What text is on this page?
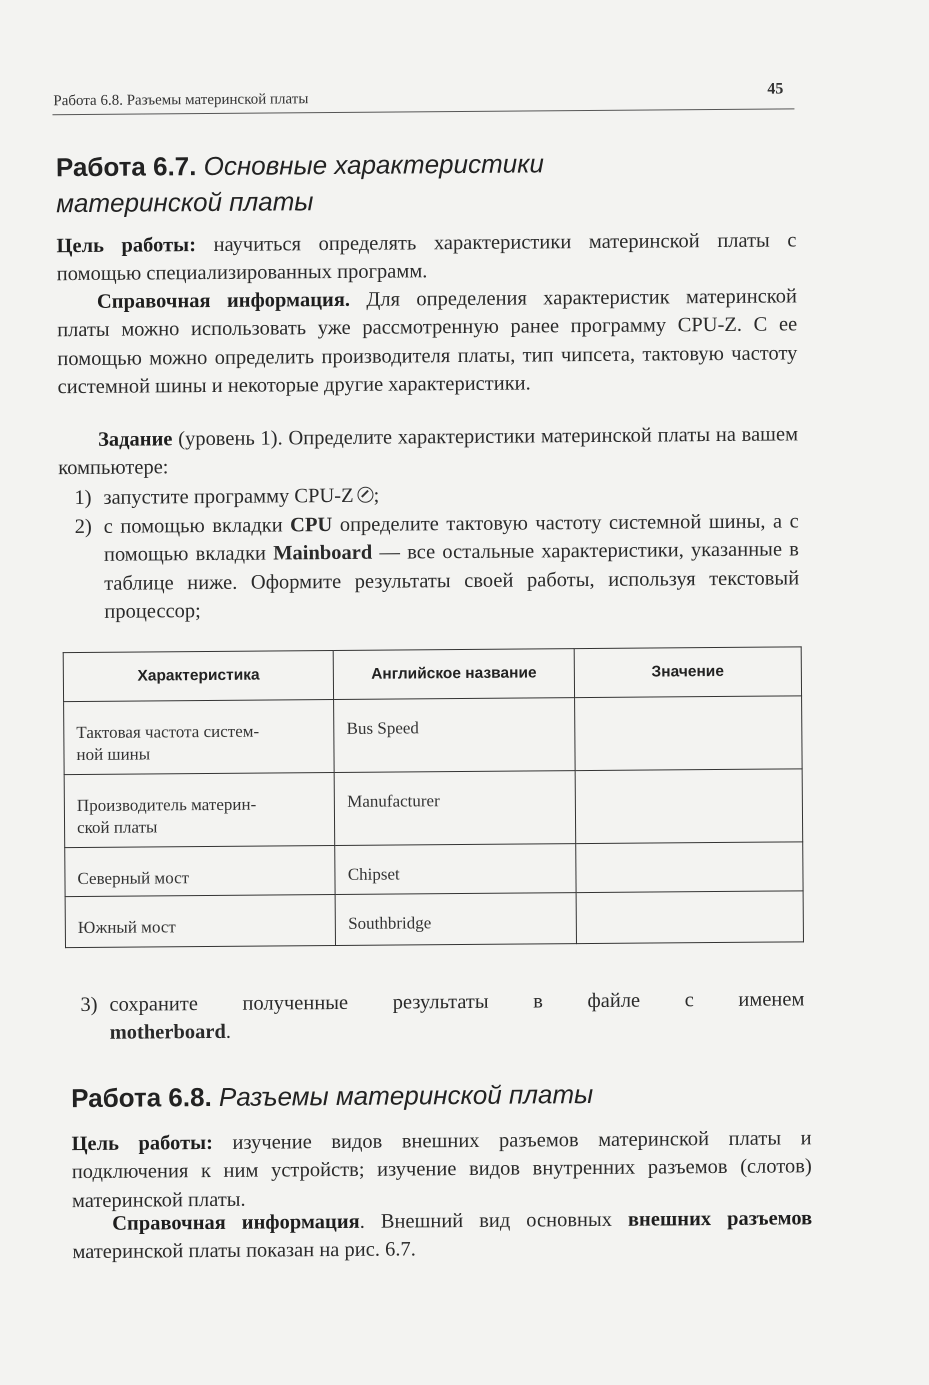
Работа 6.8. Разъемы материнской платы
45
Работа 6.7. Основные характеристики
материнской платы
Цель работы: научиться определять характеристики материнской платы с помощью специализированных программ.
Справочная информация. Для определения характеристик материнской платы можно использовать уже рассмотренную ранее программу CPU-Z. С ее помощью можно определить производителя платы, тип чипсета, тактовую частоту системной шины и некоторые другие характеристики.
Задание (уровень 1). Определите характеристики материнской платы на вашем компьютере:
1) запустите программу CPU-Z ;
2) с помощью вкладки CPU определите тактовую частоту системной шины, а с помощью вкладки Mainboard — все остальные характеристики, указанные в таблице ниже. Оформите результаты своей работы, используя текстовый процессор;
Характеристика	Английское название	Значение

Тактовая частота систем-
ной шины	Bus Speed	

Производитель материн-
ской платы	Manufacturer	

Северный мост	Chipset	

Южный мост	Southbridge	

3) сохраните полученные результаты в файле с именем motherboard.
Работа 6.8. Разъемы материнской платы
Цель работы: изучение видов внешних разъемов материнской платы и подключения к ним устройств; изучение видов внутренних разъемов (слотов) материнской платы.
Справочная информация. Внешний вид основных внешних разъемов материнской платы показан на рис. 6.7.
